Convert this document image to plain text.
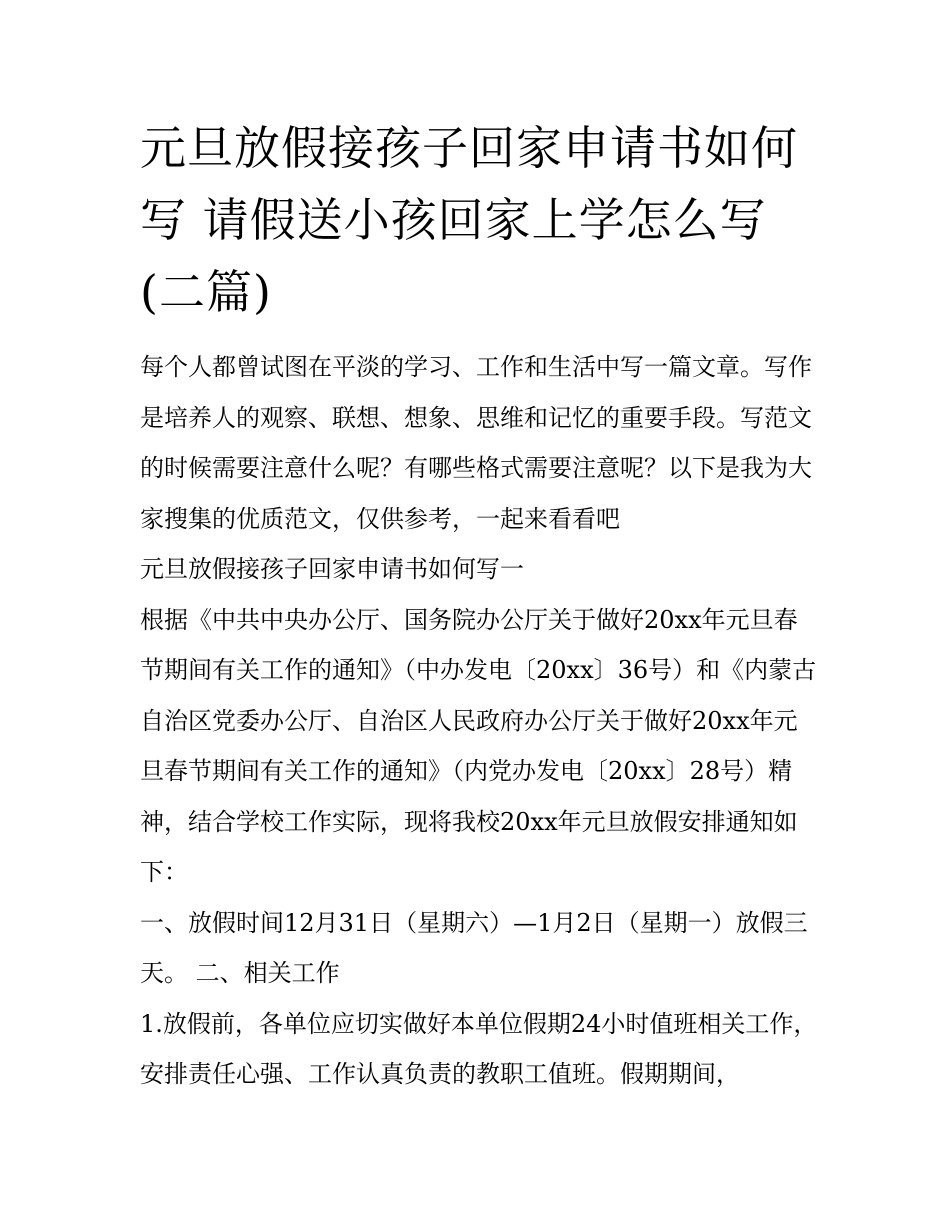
元旦放假接孩子回家申请书如何写 请假送小孩回家上学怎么写(二篇)

每个人都曾试图在平淡的学习、工作和生活中写一篇文章。写作是培养人的观察、联想、想象、思维和记忆的重要手段。写范文的时候需要注意什么呢？有哪些格式需要注意呢？以下是我为大家搜集的优质范文，仅供参考，一起来看看吧

元旦放假接孩子回家申请书如何写一

根据《中共中央办公厅、国务院办公厅关于做好20xx年元旦春节期间有关工作的通知》（中办发电〔20xx〕36号）和《内蒙古自治区党委办公厅、自治区人民政府办公厅关于做好20xx年元旦春节期间有关工作的通知》（内党办发电〔20xx〕28号）精神，结合学校工作实际，现将我校20xx年元旦放假安排通知如下：

一、放假时间12月31日（星期六）—1月2日（星期一）放假三天。 二、相关工作

1.放假前，各单位应切实做好本单位假期24小时值班相关工作，安排责任心强、工作认真负责的教职工值班。假期期间，
